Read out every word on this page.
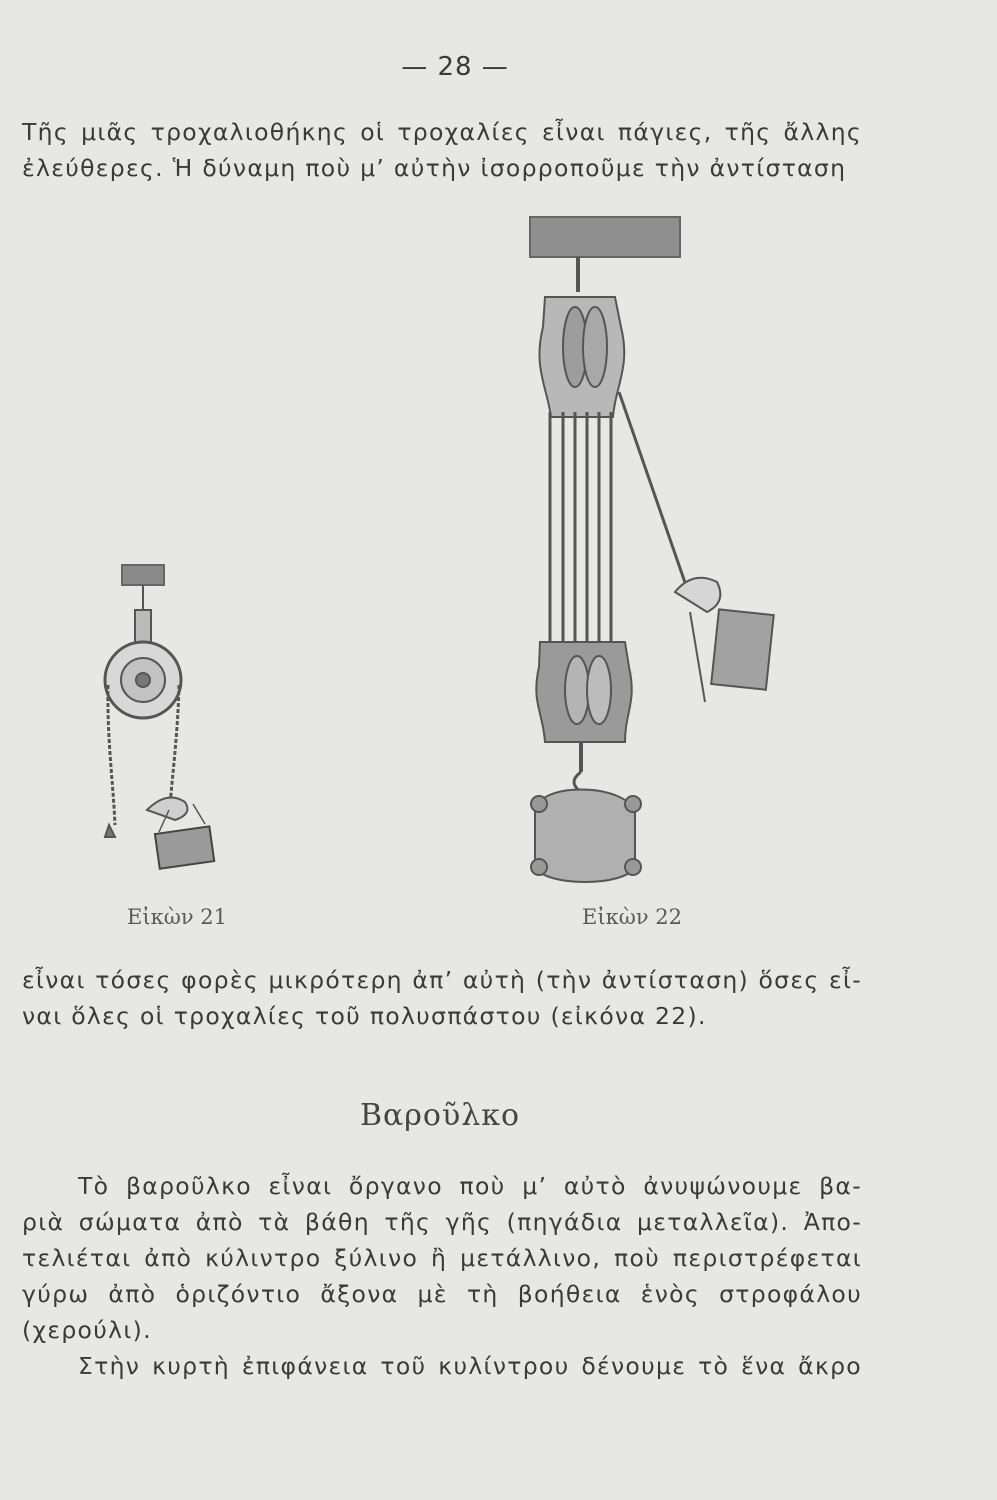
— 28 —
Τῆς μιᾶς τροχαλιοθήκης οἱ τροχαλίες εἶναι πάγιες, τῆς ἄλλης
ἐλεύθερες. Ἡ δύναμη ποὺ μ’ αὐτὴν ἰσορροποῦμε τὴν ἀντίσταση
Εἰκὼν 21	Εἰκὼν 22
εἶναι τόσες φορὲς μικρότερη ἀπ’ αὐτὴ (τὴν ἀντίσταση) ὅσες εἶ-
ναι ὅλες οἱ τροχαλίες τοῦ πολυσπάστου (εἰκόνα 22).
Βαροῦλκο
Τὸ βαροῦλκο εἶναι ὄργανο ποὺ μ’ αὐτὸ ἀνυψώνουμε βα-
ριὰ σώματα ἀπὸ τὰ βάθη τῆς γῆς (πηγάδια μεταλλεῖα). Ἀπο-
τελιέται ἀπὸ κύλιντρο ξύλινο ἢ μετάλλινο, ποὺ περιστρέφεται
γύρω ἀπὸ ὁριζόντιο ἄξονα μὲ τὴ βοήθεια ἑνὸς στροφάλου
(χερούλι).
Στὴν κυρτὴ ἐπιφάνεια τοῦ κυλίντρου δένουμε τὸ ἕνα ἄκρο
